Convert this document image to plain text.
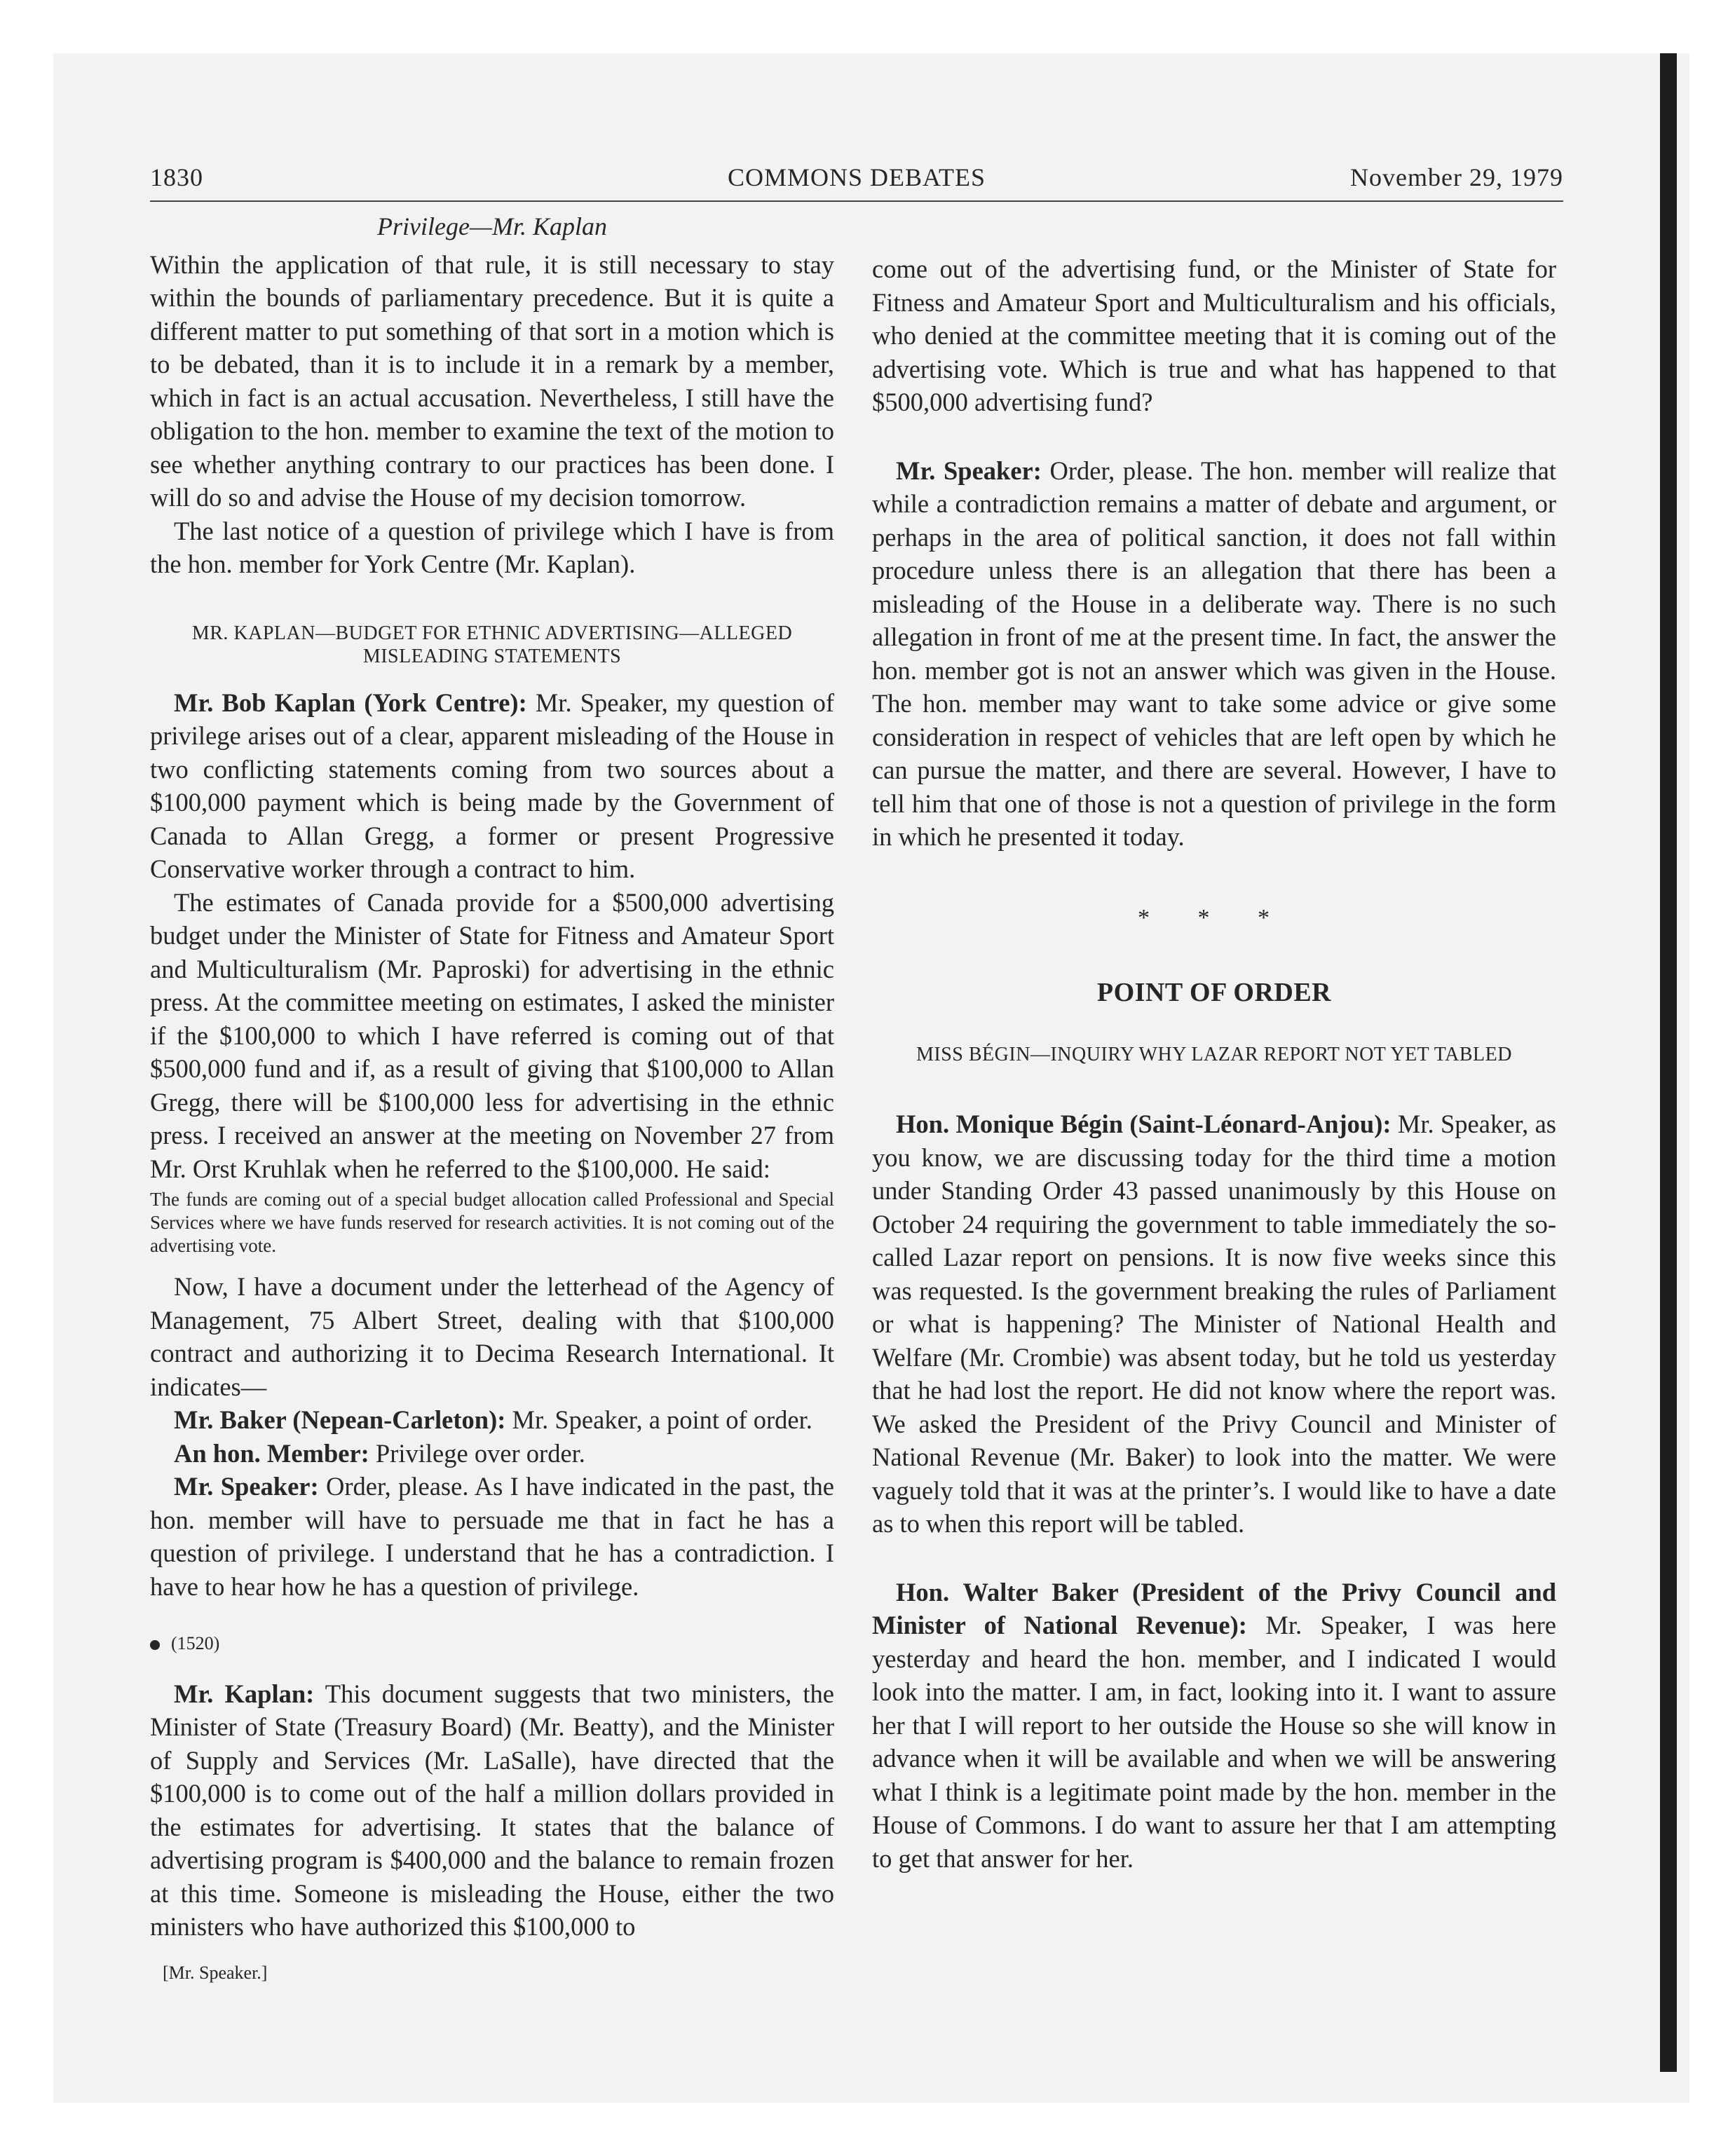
1830	COMMONS DEBATES	November 29, 1979
Privilege—Mr. Kaplan

Within the application of that rule, it is still necessary to stay within the bounds of parliamentary precedence. But it is quite a different matter to put something of that sort in a motion which is to be debated, than it is to include it in a remark by a member, which in fact is an actual accusation. Nevertheless, I still have the obligation to the hon. member to examine the text of the motion to see whether anything contrary to our practices has been done. I will do so and advise the House of my decision tomorrow.

The last notice of a question of privilege which I have is from the hon. member for York Centre (Mr. Kaplan).

MR. KAPLAN—BUDGET FOR ETHNIC ADVERTISING—ALLEGED MISLEADING STATEMENTS

Mr. Bob Kaplan (York Centre): Mr. Speaker, my question of privilege arises out of a clear, apparent misleading of the House in two conflicting statements coming from two sources about a $100,000 payment which is being made by the Government of Canada to Allan Gregg, a former or present Progressive Conservative worker through a contract to him.

The estimates of Canada provide for a $500,000 advertising budget under the Minister of State for Fitness and Amateur Sport and Multiculturalism (Mr. Paproski) for advertising in the ethnic press. At the committee meeting on estimates, I asked the minister if the $100,000 to which I have referred is coming out of that $500,000 fund and if, as a result of giving that $100,000 to Allan Gregg, there will be $100,000 less for advertising in the ethnic press. I received an answer at the meeting on November 27 from Mr. Orst Kruhlak when he referred to the $100,000. He said:

The funds are coming out of a special budget allocation called Professional and Special Services where we have funds reserved for research activities. It is not coming out of the advertising vote.

Now, I have a document under the letterhead of the Agency of Management, 75 Albert Street, dealing with that $100,000 contract and authorizing it to Decima Research International. It indicates—

Mr. Baker (Nepean-Carleton): Mr. Speaker, a point of order.

An hon. Member: Privilege over order.

Mr. Speaker: Order, please. As I have indicated in the past, the hon. member will have to persuade me that in fact he has a question of privilege. I understand that he has a contradiction. I have to hear how he has a question of privilege.

(1520)

Mr. Kaplan: This document suggests that two ministers, the Minister of State (Treasury Board) (Mr. Beatty), and the Minister of Supply and Services (Mr. LaSalle), have directed that the $100,000 is to come out of the half a million dollars provided in the estimates for advertising. It states that the balance of advertising program is $400,000 and the balance to remain frozen at this time. Someone is misleading the House, either the two ministers who have authorized this $100,000 to

[Mr. Speaker.]

come out of the advertising fund, or the Minister of State for Fitness and Amateur Sport and Multiculturalism and his officials, who denied at the committee meeting that it is coming out of the advertising vote. Which is true and what has happened to that $500,000 advertising fund?

Mr. Speaker: Order, please. The hon. member will realize that while a contradiction remains a matter of debate and argument, or perhaps in the area of political sanction, it does not fall within procedure unless there is an allegation that there has been a misleading of the House in a deliberate way. There is no such allegation in front of me at the present time. In fact, the answer the hon. member got is not an answer which was given in the House. The hon. member may want to take some advice or give some consideration in respect of vehicles that are left open by which he can pursue the matter, and there are several. However, I have to tell him that one of those is not a question of privilege in the form in which he presented it today.

* * *
POINT OF ORDER
MISS BÉGIN—INQUIRY WHY LAZAR REPORT NOT YET TABLED

Hon. Monique Bégin (Saint-Léonard-Anjou): Mr. Speaker, as you know, we are discussing today for the third time a motion under Standing Order 43 passed unanimously by this House on October 24 requiring the government to table immediately the so-called Lazar report on pensions. It is now five weeks since this was requested. Is the government breaking the rules of Parliament or what is happening? The Minister of National Health and Welfare (Mr. Crombie) was absent today, but he told us yesterday that he had lost the report. He did not know where the report was. We asked the President of the Privy Council and Minister of National Revenue (Mr. Baker) to look into the matter. We were vaguely told that it was at the printer’s. I would like to have a date as to when this report will be tabled.

Hon. Walter Baker (President of the Privy Council and Minister of National Revenue): Mr. Speaker, I was here yesterday and heard the hon. member, and I indicated I would look into the matter. I am, in fact, looking into it. I want to assure her that I will report to her outside the House so she will know in advance when it will be available and when we will be answering what I think is a legitimate point made by the hon. member in the House of Commons. I do want to assure her that I am attempting to get that answer for her.
